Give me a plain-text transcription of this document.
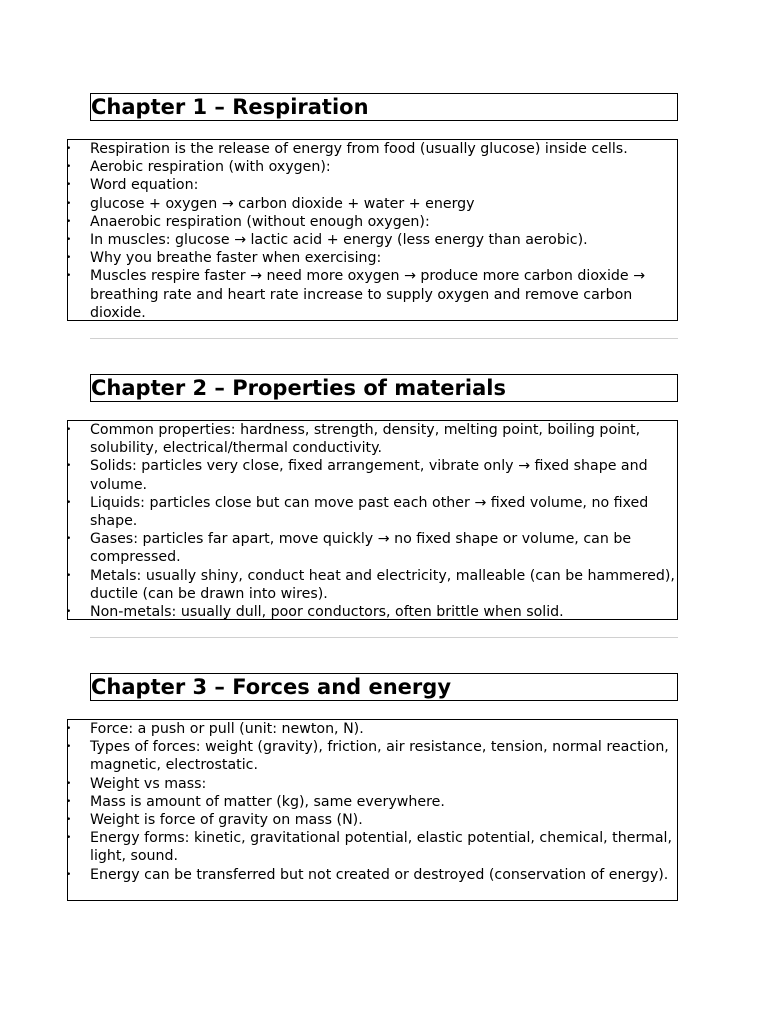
Chapter 1 – Respiration
• Respiration is the release of energy from food (usually glucose) inside cells.
• Aerobic respiration (with oxygen):
• Word equation:
• glucose + oxygen → carbon dioxide + water + energy
• Anaerobic respiration (without enough oxygen):
• In muscles: glucose → lactic acid + energy (less energy than aerobic).
• Why you breathe faster when exercising:
• Muscles respire faster → need more oxygen → produce more carbon dioxide → breathing rate and heart rate increase to supply oxygen and remove carbon dioxide.
Chapter 2 – Properties of materials
• Common properties: hardness, strength, density, melting point, boiling point, solubility, electrical/thermal conductivity.
• Solids: particles very close, fixed arrangement, vibrate only → fixed shape and volume.
• Liquids: particles close but can move past each other → fixed volume, no fixed shape.
• Gases: particles far apart, move quickly → no fixed shape or volume, can be compressed.
• Metals: usually shiny, conduct heat and electricity, malleable (can be hammered), ductile (can be drawn into wires).
• Non-metals: usually dull, poor conductors, often brittle when solid.
Chapter 3 – Forces and energy
• Force: a push or pull (unit: newton, N).
• Types of forces: weight (gravity), friction, air resistance, tension, normal reaction, magnetic, electrostatic.
• Weight vs mass:
• Mass is amount of matter (kg), same everywhere.
• Weight is force of gravity on mass (N).
• Energy forms: kinetic, gravitational potential, elastic potential, chemical, thermal, light, sound.
• Energy can be transferred but not created or destroyed (conservation of energy).
